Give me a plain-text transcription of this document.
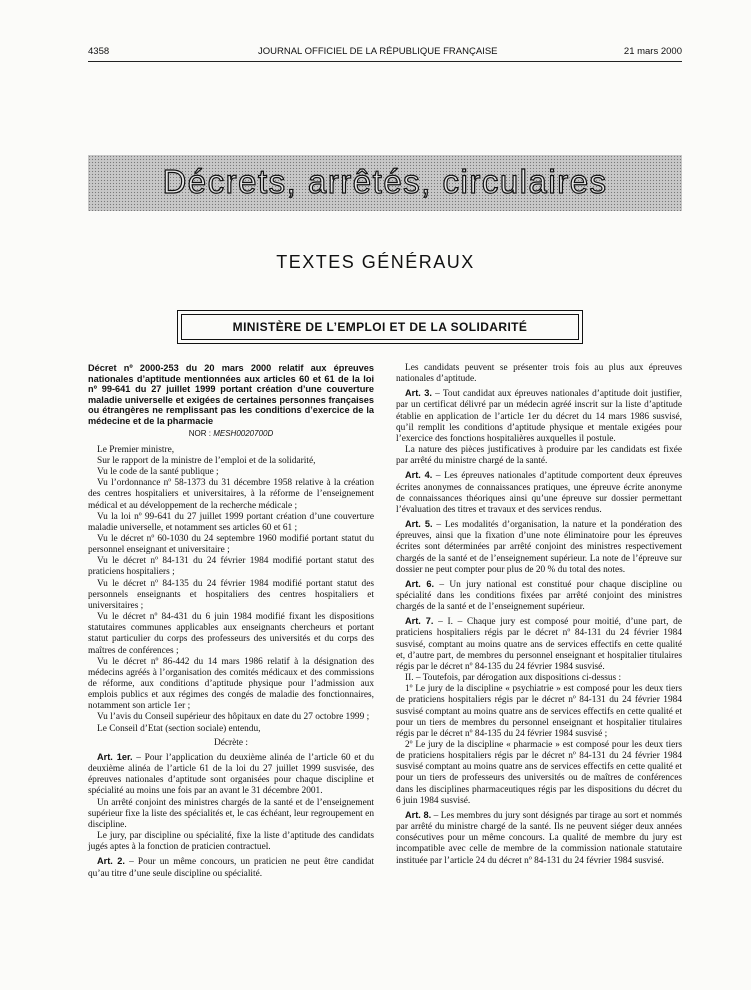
4358	JOURNAL OFFICIEL DE LA RÉPUBLIQUE FRANÇAISE	21 mars 2000
Décrets, arrêtés, circulaires
TEXTES GÉNÉRAUX
MINISTÈRE DE L’EMPLOI ET DE LA SOLIDARITÉ

Décret nº 2000-253 du 20 mars 2000 relatif aux épreuves nationales d’aptitude mentionnées aux articles 60 et 61 de la loi nº 99-641 du 27 juillet 1999 portant création d’une couverture maladie universelle et exigées de certaines personnes françaises ou étrangères ne remplissant pas les conditions d’exercice de la médecine et de la pharmacie

NOR : MESH0020700D

Le Premier ministre,

Sur le rapport de la ministre de l’emploi et de la solidarité,

Vu le code de la santé publique ;

Vu l’ordonnance nº 58-1373 du 31 décembre 1958 relative à la création des centres hospitaliers et universitaires, à la réforme de l’enseignement médical et au développement de la recherche médicale ;

Vu la loi nº 99-641 du 27 juillet 1999 portant création d’une couverture maladie universelle, et notamment ses articles 60 et 61 ;

Vu le décret nº 60-1030 du 24 septembre 1960 modifié portant statut du personnel enseignant et universitaire ;

Vu le décret nº 84-131 du 24 février 1984 modifié portant statut des praticiens hospitaliers ;

Vu le décret nº 84-135 du 24 février 1984 modifié portant statut des personnels enseignants et hospitaliers des centres hospitaliers et universitaires ;

Vu le décret nº 84-431 du 6 juin 1984 modifié fixant les dispositions statutaires communes applicables aux enseignants chercheurs et portant statut particulier du corps des professeurs des universités et du corps des maîtres de conférences ;

Vu le décret nº 86-442 du 14 mars 1986 relatif à la désignation des médecins agréés à l’organisation des comités médicaux et des commissions de réforme, aux conditions d’aptitude physique pour l’admission aux emplois publics et aux régimes des congés de maladie des fonctionnaires, notamment son article 1er ;

Vu l’avis du Conseil supérieur des hôpitaux en date du 27 octobre 1999 ;

Le Conseil d’Etat (section sociale) entendu,

Décrète :

Art. 1er. – Pour l’application du deuxième alinéa de l’article 60 et du deuxième alinéa de l’article 61 de la loi du 27 juillet 1999 susvisée, des épreuves nationales d’aptitude sont organisées pour chaque discipline et spécialité au moins une fois par an avant le 31 décembre 2001.

Un arrêté conjoint des ministres chargés de la santé et de l’enseignement supérieur fixe la liste des spécialités et, le cas échéant, leur regroupement en discipline.

Le jury, par discipline ou spécialité, fixe la liste d’aptitude des candidats jugés aptes à la fonction de praticien contractuel.

Art. 2. – Pour un même concours, un praticien ne peut être candidat qu’au titre d’une seule discipline ou spécialité.

Les candidats peuvent se présenter trois fois au plus aux épreuves nationales d’aptitude.

Art. 3. – Tout candidat aux épreuves nationales d’aptitude doit justifier, par un certificat délivré par un médecin agréé inscrit sur la liste d’aptitude établie en application de l’article 1er du décret du 14 mars 1986 susvisé, qu’il remplit les conditions d’aptitude physique et mentale exigées pour l’exercice des fonctions hospitalières auxquelles il postule.

La nature des pièces justificatives à produire par les candidats est fixée par arrêté du ministre chargé de la santé.

Art. 4. – Les épreuves nationales d’aptitude comportent deux épreuves écrites anonymes de connaissances pratiques, une épreuve écrite anonyme de connaissances théoriques ainsi qu’une épreuve sur dossier permettant l’évaluation des titres et travaux et des services rendus.

Art. 5. – Les modalités d’organisation, la nature et la pondération des épreuves, ainsi que la fixation d’une note éliminatoire pour les épreuves écrites sont déterminées par arrêté conjoint des ministres respectivement chargés de la santé et de l’enseignement supérieur. La note de l’épreuve sur dossier ne peut compter pour plus de 20 % du total des notes.

Art. 6. – Un jury national est constitué pour chaque discipline ou spécialité dans les conditions fixées par arrêté conjoint des ministres chargés de la santé et de l’enseignement supérieur.

Art. 7. – I. – Chaque jury est composé pour moitié, d’une part, de praticiens hospitaliers régis par le décret nº 84-131 du 24 février 1984 susvisé, comptant au moins quatre ans de services effectifs en cette qualité et, d’autre part, de membres du personnel enseignant et hospitalier titulaires régis par le décret nº 84-135 du 24 février 1984 susvisé.

II. – Toutefois, par dérogation aux dispositions ci-dessus :

1º Le jury de la discipline « psychiatrie » est composé pour les deux tiers de praticiens hospitaliers régis par le décret nº 84-131 du 24 février 1984 susvisé comptant au moins quatre ans de services effectifs en cette qualité et pour un tiers de membres du personnel enseignant et hospitalier titulaires régis par le décret nº 84-135 du 24 février 1984 susvisé ;

2º Le jury de la discipline « pharmacie » est composé pour les deux tiers de praticiens hospitaliers régis par le décret nº 84-131 du 24 février 1984 susvisé comptant au moins quatre ans de services effectifs en cette qualité et pour un tiers de professeurs des universités ou de maîtres de conférences dans les disciplines pharmaceutiques régis par les dispositions du décret du 6 juin 1984 susvisé.

Art. 8. – Les membres du jury sont désignés par tirage au sort et nommés par arrêté du ministre chargé de la santé. Ils ne peuvent siéger deux années consécutives pour un même concours. La qualité de membre du jury est incompatible avec celle de membre de la commission nationale statutaire instituée par l’article 24 du décret nº 84-131 du 24 février 1984 susvisé.
